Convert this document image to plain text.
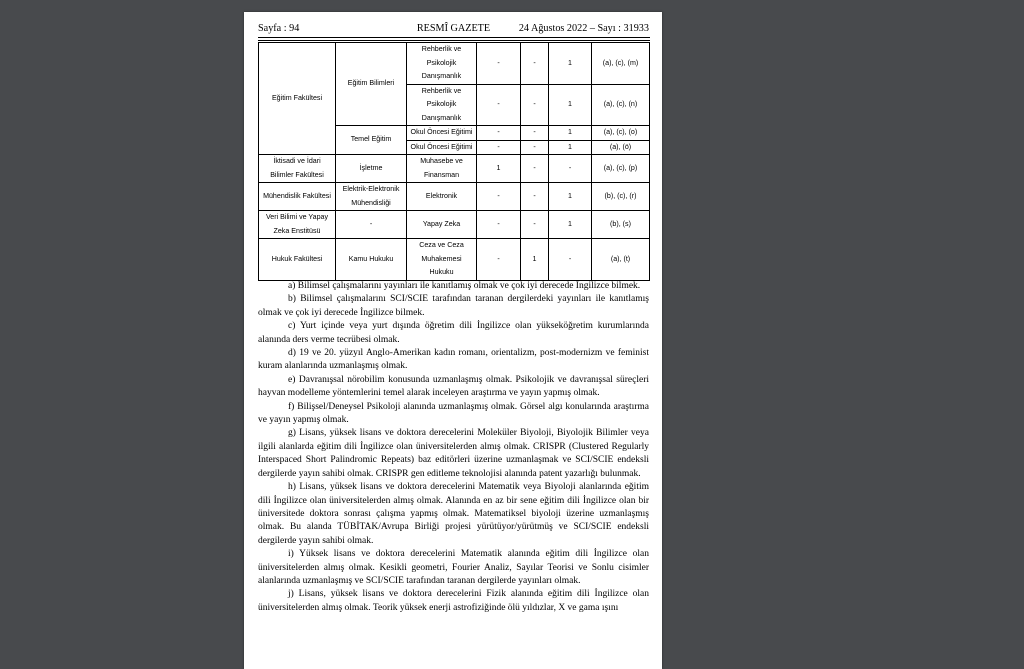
Sayfa : 94	RESMÎ GAZETE	24 Ağustos 2022 – Sayı : 31933
Eğitim Fakültesi	Eğitim Bilimleri	Rehberlik ve Psikolojik Danışmanlık	-	-	1	(a), (c), (m)
		Rehberlik ve Psikolojik Danışmanlık	-	-	1	(a), (c), (n)
	Temel Eğitim	Okul Öncesi Eğitimi	-	-	1	(a), (c), (o)
		Okul Öncesi Eğitimi	-	-	1	(a), (ö)
İktisadi ve İdari Bilimler Fakültesi	İşletme	Muhasebe ve Finansman	1	-	-	(a), (c), (p)
Mühendislik Fakültesi	Elektrik-Elektronik Mühendisliği	Elektronik	-	-	1	(b), (c), (r)
Veri Bilimi ve Yapay Zeka Enstitüsü	-	Yapay Zeka	-	-	1	(b), (s)
Hukuk Fakültesi	Kamu Hukuku	Ceza ve Ceza Muhakemesi Hukuku	-	1	-	(a), (t)

a) Bilimsel çalışmalarını yayınları ile kanıtlamış olmak ve çok iyi derecede İngilizce bilmek.

b) Bilimsel çalışmalarını SCI/SCIE tarafından taranan dergilerdeki yayınları ile kanıtlamış olmak ve çok iyi derecede İngilizce bilmek.

c) Yurt içinde veya yurt dışında öğretim dili İngilizce olan yükseköğretim kurumlarında alanında ders verme tecrübesi olmak.

d) 19 ve 20. yüzyıl Anglo-Amerikan kadın romanı, orientalizm, post-modernizm ve feminist kuram alanlarında uzmanlaşmış olmak.

e) Davranışsal nörobilim konusunda uzmanlaşmış olmak. Psikolojik ve davranışsal süreçleri hayvan modelleme yöntemlerini temel alarak inceleyen araştırma ve yayın yapmış olmak.

f) Bilişsel/Deneysel Psikoloji alanında uzmanlaşmış olmak. Görsel algı konularında araştırma ve yayın yapmış olmak.

g) Lisans, yüksek lisans ve doktora derecelerini Moleküler Biyoloji, Biyolojik Bilimler veya ilgili alanlarda eğitim dili İngilizce olan üniversitelerden almış olmak. CRISPR (Clustered Regularly Interspaced Short Palindromic Repeats) baz editörleri üzerine uzmanlaşmak ve SCI/SCIE endeksli dergilerde yayın sahibi olmak. CRISPR gen editleme teknolojisi alanında patent yazarlığı bulunmak.

h) Lisans, yüksek lisans ve doktora derecelerini Matematik veya Biyoloji alanlarında eğitim dili İngilizce olan üniversitelerden almış olmak. Alanında en az bir sene eğitim dili İngilizce olan bir üniversitede doktora sonrası çalışma yapmış olmak. Matematiksel biyoloji üzerine uzmanlaşmış olmak. Bu alanda TÜBİTAK/Avrupa Birliği projesi yürütüyor/yürütmüş ve SCI/SCIE endeksli dergilerde yayın sahibi olmak.

i) Yüksek lisans ve doktora derecelerini Matematik alanında eğitim dili İngilizce olan üniversitelerden almış olmak. Kesikli geometri, Fourier Analiz, Sayılar Teorisi ve Sonlu cisimler alanlarında uzmanlaşmış ve SCI/SCIE tarafından taranan dergilerde yayınları olmak.

j) Lisans, yüksek lisans ve doktora derecelerini Fizik alanında eğitim dili İngilizce olan üniversitelerden almış olmak. Teorik yüksek enerji astrofiziğinde ölü yıldızlar, X ve gama ışını
